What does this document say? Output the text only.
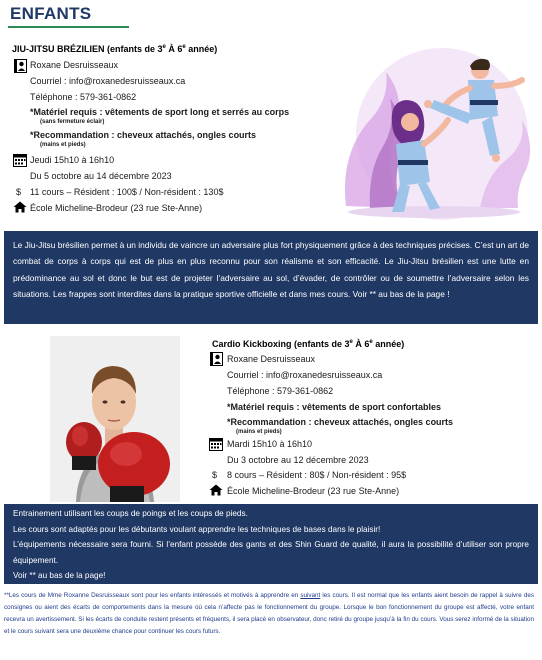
ENFANTS
JIU-JITSU BRÉZILIEN (enfants de 3e À 6e année)
Roxane Desruisseaux
Courriel : info@roxanedesruisseaux.ca
Téléphone : 579-361-0862
*Matériel requis : vêtements de sport long et serrés au corps
(sans fermeture éclair)
*Recommandation : cheveux attachés, ongles courts
(mains et pieds)
Jeudi 15h10 à 16h10
Du 5 octobre au 14 décembre 2023
$ 11 cours – Résident : 100$ / Non-résident : 130$
École Micheline-Brodeur (23 rue Ste-Anne)

Le Jiu-Jitsu brésilien permet à un individu de vaincre un adversaire plus fort physiquement grâce à des techniques précises. C’est un art de combat de corps à corps qui est de plus en plus reconnu pour son réalisme et son efficacité. Le Jiu-Jitsu brésilien est une lutte en prédominance au sol et donc le but est de projeter l’adversaire au sol, d’évader, de contrôler ou de soumettre l’adversaire selon les situations. Les frappes sont interdites dans la pratique sportive officielle et dans mes cours. Voir ** au bas de la page !

Cardio Kickboxing (enfants de 3e À 6e année)
Roxane Desruisseaux
Courriel : info@roxanedesruisseaux.ca
Téléphone : 579-361-0862
*Matériel requis : vêtements de sport confortables
*Recommandation : cheveux attachés, ongles courts
(mains et pieds)
Mardi 15h10 à 16h10
Du 3 octobre au 12 décembre 2023
$ 8 cours – Résident : 80$ / Non-résident : 95$
École Micheline-Brodeur (23 rue Ste-Anne)

Entrainement utilisant les coups de poings et les coups de pieds.

Les cours sont adaptés pour les débutants voulant apprendre les techniques de bases dans le plaisir!

L’équipements nécessaire sera fourni. Si l’enfant possède des gants et des Shin Guard de qualité, il aura la possibilité d’utiliser son propre équipement.

Voir ** au bas de la page!

**Les cours de Mme Roxanne Desruisseaux sont pour les enfants intéressés et motivés à apprendre en suivant les cours. Il est normal que les enfants aient besoin de rappel à suivre des consignes ou aient des écarts de comportements dans la mesure où cela n’affecte pas le fonctionnement du groupe. Lorsque le bon fonctionnement du groupe est affecté, votre enfant recevra un avertissement. Si les écarts de conduite restent présents et fréquents, il sera placé en observateur, donc retiré du groupe jusqu’à la fin du cours. Vous serez informé de la situation et le cours suivant sera une deuxième chance pour continuer les cours futurs.
